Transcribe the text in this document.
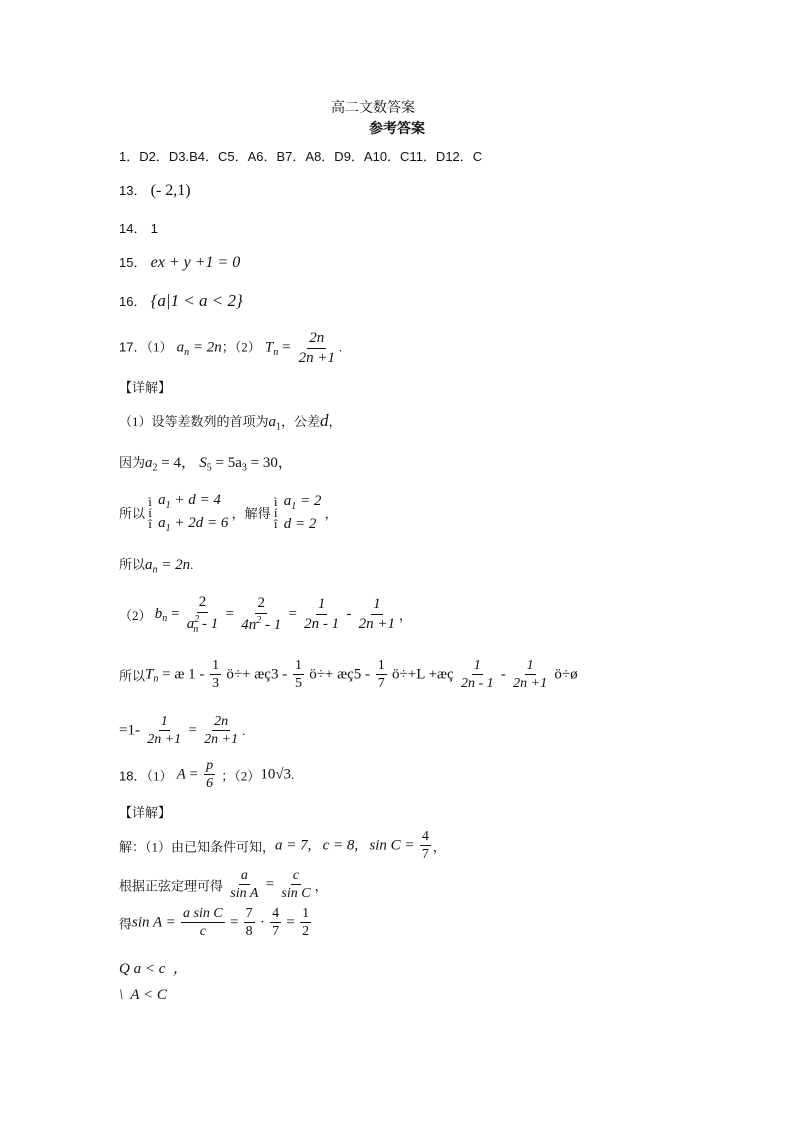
高二文数答案
参考答案
1．D2．D3.B4．C5．A6．B7．A8．D9．A10．C11．D12．C
13． (- 2,1)
14． 1
15． ex + y +1 = 0
16． {a|1 < a < 2}
17．（1） $a_n = 2n$；（2） $T_n = \frac{2n}{2n +1}$ .
【详解】
（1）设等差数列的首项为$a_1$，公差d，
因为$a_2 = 4$， $S_5 = 5a_3 = 30$，
所以
ì
í
î

$a_1 + d = 4$
$a_1 + 2d = 6$
，解得
ì
í
î

$a_1 = 2$
d = 2
，
所以$a_n = 2n$.
（2） $b_n = \frac{2}{a^2_n - 1} = \frac{2}{4n^2 - 1} = \frac{1}{2n - 1} - \frac{1}{2n +1}$ ，
所以$T_n$ = æ $1 - \frac{1}{3}$ ö÷+ æç3 - $\frac{1}{5}$ ö÷+ æç5 - $\frac{1}{7}$ ö÷+L +æç $\frac{1}{2n - 1} - \frac{1}{2n +1}$ ö÷ø
$=1- \frac{1}{2n +1} = \frac{2n}{2n +1}$ .
18．（1） $A = \frac{p}{6}$ ；（2）10√3.
【详解】
解：（1）由已知条件可知，a = 7,   c = 8,   $\sin C = \frac{4}{7}$ ，
根据正弦定理可得 $\frac{a}{\text{sin A}} = \frac{c}{\text{sin C}}$ ，
得$\sin A = \frac{\text{a sin C}}{c} = \frac{7}{8} \cdot \frac{4}{7} = \frac{1}{2}$
Q a < c  ，
\  A < C
